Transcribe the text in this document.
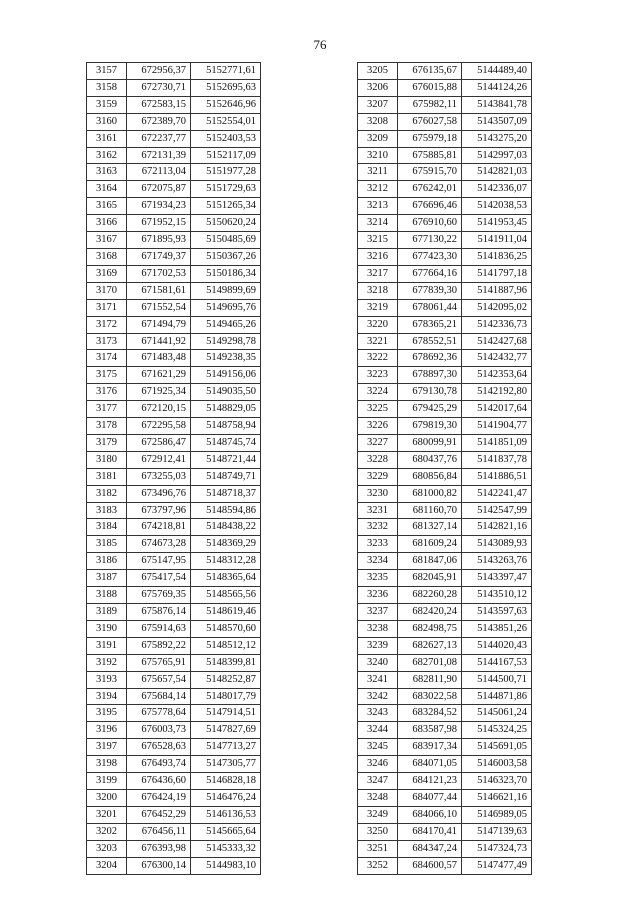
76
3157	672956,37	5152771,61
3158	672730,71	5152695,63
3159	672583,15	5152646,96
3160	672389,70	5152554,01
3161	672237,77	5152403,53
3162	672131,39	5152117,09
3163	672113,04	5151977,28
3164	672075,87	5151729,63
3165	671934,23	5151265,34
3166	671952,15	5150620,24
3167	671895,93	5150485,69
3168	671749,37	5150367,26
3169	671702,53	5150186,34
3170	671581,61	5149899,69
3171	671552,54	5149695,76
3172	671494,79	5149465,26
3173	671441,92	5149298,78
3174	671483,48	5149238,35
3175	671621,29	5149156,06
3176	671925,34	5149035,50
3177	672120,15	5148829,05
3178	672295,58	5148758,94
3179	672586,47	5148745,74
3180	672912,41	5148721,44
3181	673255,03	5148749,71
3182	673496,76	5148718,37
3183	673797,96	5148594,86
3184	674218,81	5148438,22
3185	674673,28	5148369,29
3186	675147,95	5148312,28
3187	675417,54	5148365,64
3188	675769,35	5148565,56
3189	675876,14	5148619,46
3190	675914,63	5148570,60
3191	675892,22	5148512,12
3192	675765,91	5148399,81
3193	675657,54	5148252,87
3194	675684,14	5148017,79
3195	675778,64	5147914,51
3196	676003,73	5147827,69
3197	676528,63	5147713,27
3198	676493,74	5147305,77
3199	676436,60	5146828,18
3200	676424,19	5146476,24
3201	676452,29	5146136,53
3202	676456,11	5145665,64
3203	676393,98	5145333,32
3204	676300,14	5144983,10
3205	676135,67	5144489,40
3206	676015,88	5144124,26
3207	675982,11	5143841,78
3208	676027,58	5143507,09
3209	675979,18	5143275,20
3210	675885,81	5142997,03
3211	675915,70	5142821,03
3212	676242,01	5142336,07
3213	676696,46	5142038,53
3214	676910,60	5141953,45
3215	677130,22	5141911,04
3216	677423,30	5141836,25
3217	677664,16	5141797,18
3218	677839,30	5141887,96
3219	678061,44	5142095,02
3220	678365,21	5142336,73
3221	678552,51	5142427,68
3222	678692,36	5142432,77
3223	678897,30	5142353,64
3224	679130,78	5142192,80
3225	679425,29	5142017,64
3226	679819,30	5141904,77
3227	680099,91	5141851,09
3228	680437,76	5141837,78
3229	680856,84	5141886,51
3230	681000,82	5142241,47
3231	681160,70	5142547,99
3232	681327,14	5142821,16
3233	681609,24	5143089,93
3234	681847,06	5143263,76
3235	682045,91	5143397,47
3236	682260,28	5143510,12
3237	682420,24	5143597,63
3238	682498,75	5143851,26
3239	682627,13	5144020,43
3240	682701,08	5144167,53
3241	682811,90	5144500,71
3242	683022,58	5144871,86
3243	683284,52	5145061,24
3244	683587,98	5145324,25
3245	683917,34	5145691,05
3246	684071,05	5146003,58
3247	684121,23	5146323,70
3248	684077,44	5146621,16
3249	684066,10	5146989,05
3250	684170,41	5147139,63
3251	684347,24	5147324,73
3252	684600,57	5147477,49
